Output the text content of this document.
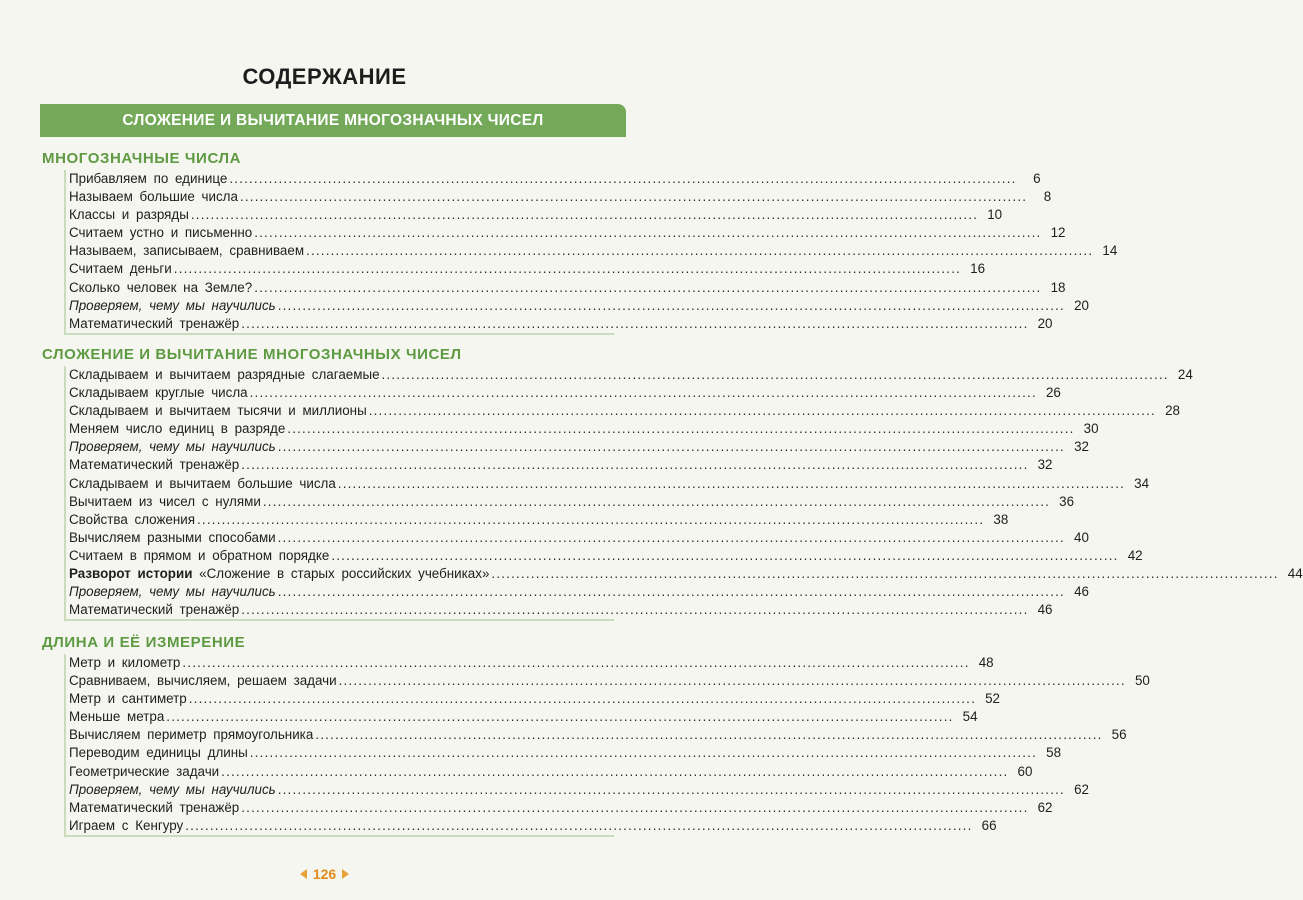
СОДЕРЖАНИЕ
СЛОЖЕНИЕ И ВЫЧИТАНИЕ МНОГОЗНАЧНЫХ ЧИСЕЛ
МНОГОЗНАЧНЫЕ ЧИСЛА
Прибавляем по единице ................................................................................................................................................................	6
Называем большие числа ................................................................................................................................................................	8
Классы и разряды ................................................................................................................................................................ 10
Считаем устно и письменно ................................................................................................................................................................ 12
Называем, записываем, сравниваем ................................................................................................................................................................ 14
Считаем деньги ................................................................................................................................................................ 16
Сколько человек на Земле? ................................................................................................................................................................ 18
Проверяем, чему мы научились ................................................................................................................................................................ 20
Математический тренажёр ................................................................................................................................................................ 20
СЛОЖЕНИЕ И ВЫЧИТАНИЕ МНОГОЗНАЧНЫХ ЧИСЕЛ
Складываем и вычитаем разрядные слагаемые ................................................................................................................................................................ 24
Складываем круглые числа ................................................................................................................................................................ 26
Складываем и вычитаем тысячи и миллионы ................................................................................................................................................................ 28
Меняем число единиц в разряде ................................................................................................................................................................ 30
Проверяем, чему мы научились ................................................................................................................................................................ 32
Математический тренажёр ................................................................................................................................................................ 32
Складываем и вычитаем большие числа ................................................................................................................................................................ 34
Вычитаем из чисел с нулями ................................................................................................................................................................ 36
Свойства сложения ................................................................................................................................................................ 38
Вычисляем разными способами ................................................................................................................................................................ 40
Считаем в прямом и обратном порядке ................................................................................................................................................................ 42
Разворот истории «Сложение в старых российских учебниках» ................................................................................................................................................................ 44
Проверяем, чему мы научились ................................................................................................................................................................ 46
Математический тренажёр ................................................................................................................................................................ 46
ДЛИНА И ЕЁ ИЗМЕРЕНИЕ
Метр и километр ................................................................................................................................................................ 48
Сравниваем, вычисляем, решаем задачи ................................................................................................................................................................ 50
Метр и сантиметр ................................................................................................................................................................ 52
Меньше метра ................................................................................................................................................................ 54
Вычисляем периметр прямоугольника ................................................................................................................................................................ 56
Переводим единицы длины ................................................................................................................................................................ 58
Геометрические задачи ................................................................................................................................................................ 60
Проверяем, чему мы научились ................................................................................................................................................................ 62
Математический тренажёр ................................................................................................................................................................ 62
Играем с Кенгуру ................................................................................................................................................................ 66
126
